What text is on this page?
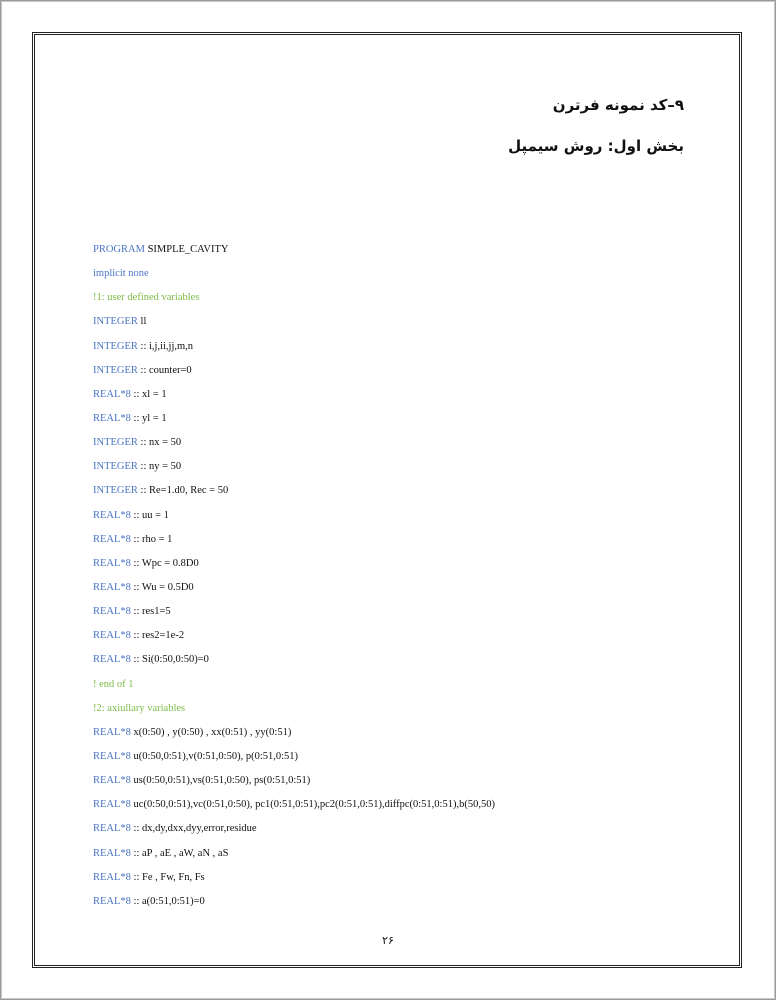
۹–کد نمونه فرترن
بخش اول: روش سیمپل
PROGRAM SIMPLE_CAVITY
implicit none
!1: user defined variables
INTEGER ll
INTEGER :: i,j,ii,jj,m,n
INTEGER :: counter=0
REAL*8 :: xl = 1
REAL*8 :: yl = 1
INTEGER :: nx = 50
INTEGER :: ny = 50
INTEGER :: Re=1.d0, Rec = 50
REAL*8 :: uu = 1
REAL*8 :: rho = 1
REAL*8 :: Wpc = 0.8D0
REAL*8 :: Wu = 0.5D0
REAL*8 :: res1=5
REAL*8 :: res2=1e-2
REAL*8 :: Si(0:50,0:50)=0
! end of 1
!2: axiullary variables
REAL*8 x(0:50) , y(0:50) , xx(0:51) , yy(0:51)
REAL*8 u(0:50,0:51),v(0:51,0:50), p(0:51,0:51)
REAL*8 us(0:50,0:51),vs(0:51,0:50), ps(0:51,0:51)
REAL*8 uc(0:50,0:51),vc(0:51,0:50), pc1(0:51,0:51),pc2(0:51,0:51),diffpc(0:51,0:51),b(50,50)
REAL*8 :: dx,dy,dxx,dyy,error,residue
REAL*8 :: aP , aE , aW, aN , aS
REAL*8 :: Fe , Fw, Fn, Fs
REAL*8 :: a(0:51,0:51)=0
۲۶
